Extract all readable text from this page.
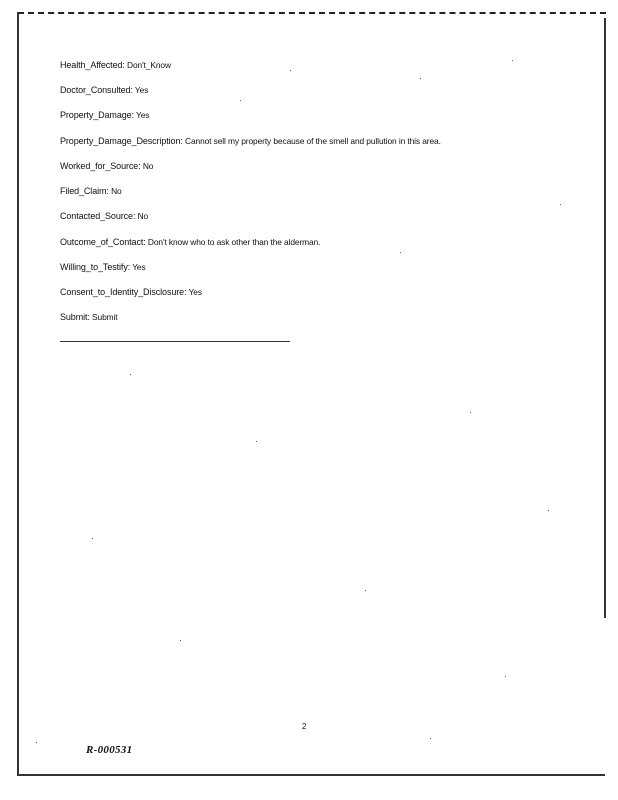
Health_Affected: Don't_Know
Doctor_Consulted: Yes
Property_Damage: Yes
Property_Damage_Description: Cannot sell my property because of the smell and pullution in this area.
Worked_for_Source: No
Filed_Claim: No
Contacted_Source: No
Outcome_of_Contact: Don't know who to ask other than the alderman.
Willing_to_Testify: Yes
Consent_to_Identity_Disclosure: Yes
Submit: Submit
2
R-000531
